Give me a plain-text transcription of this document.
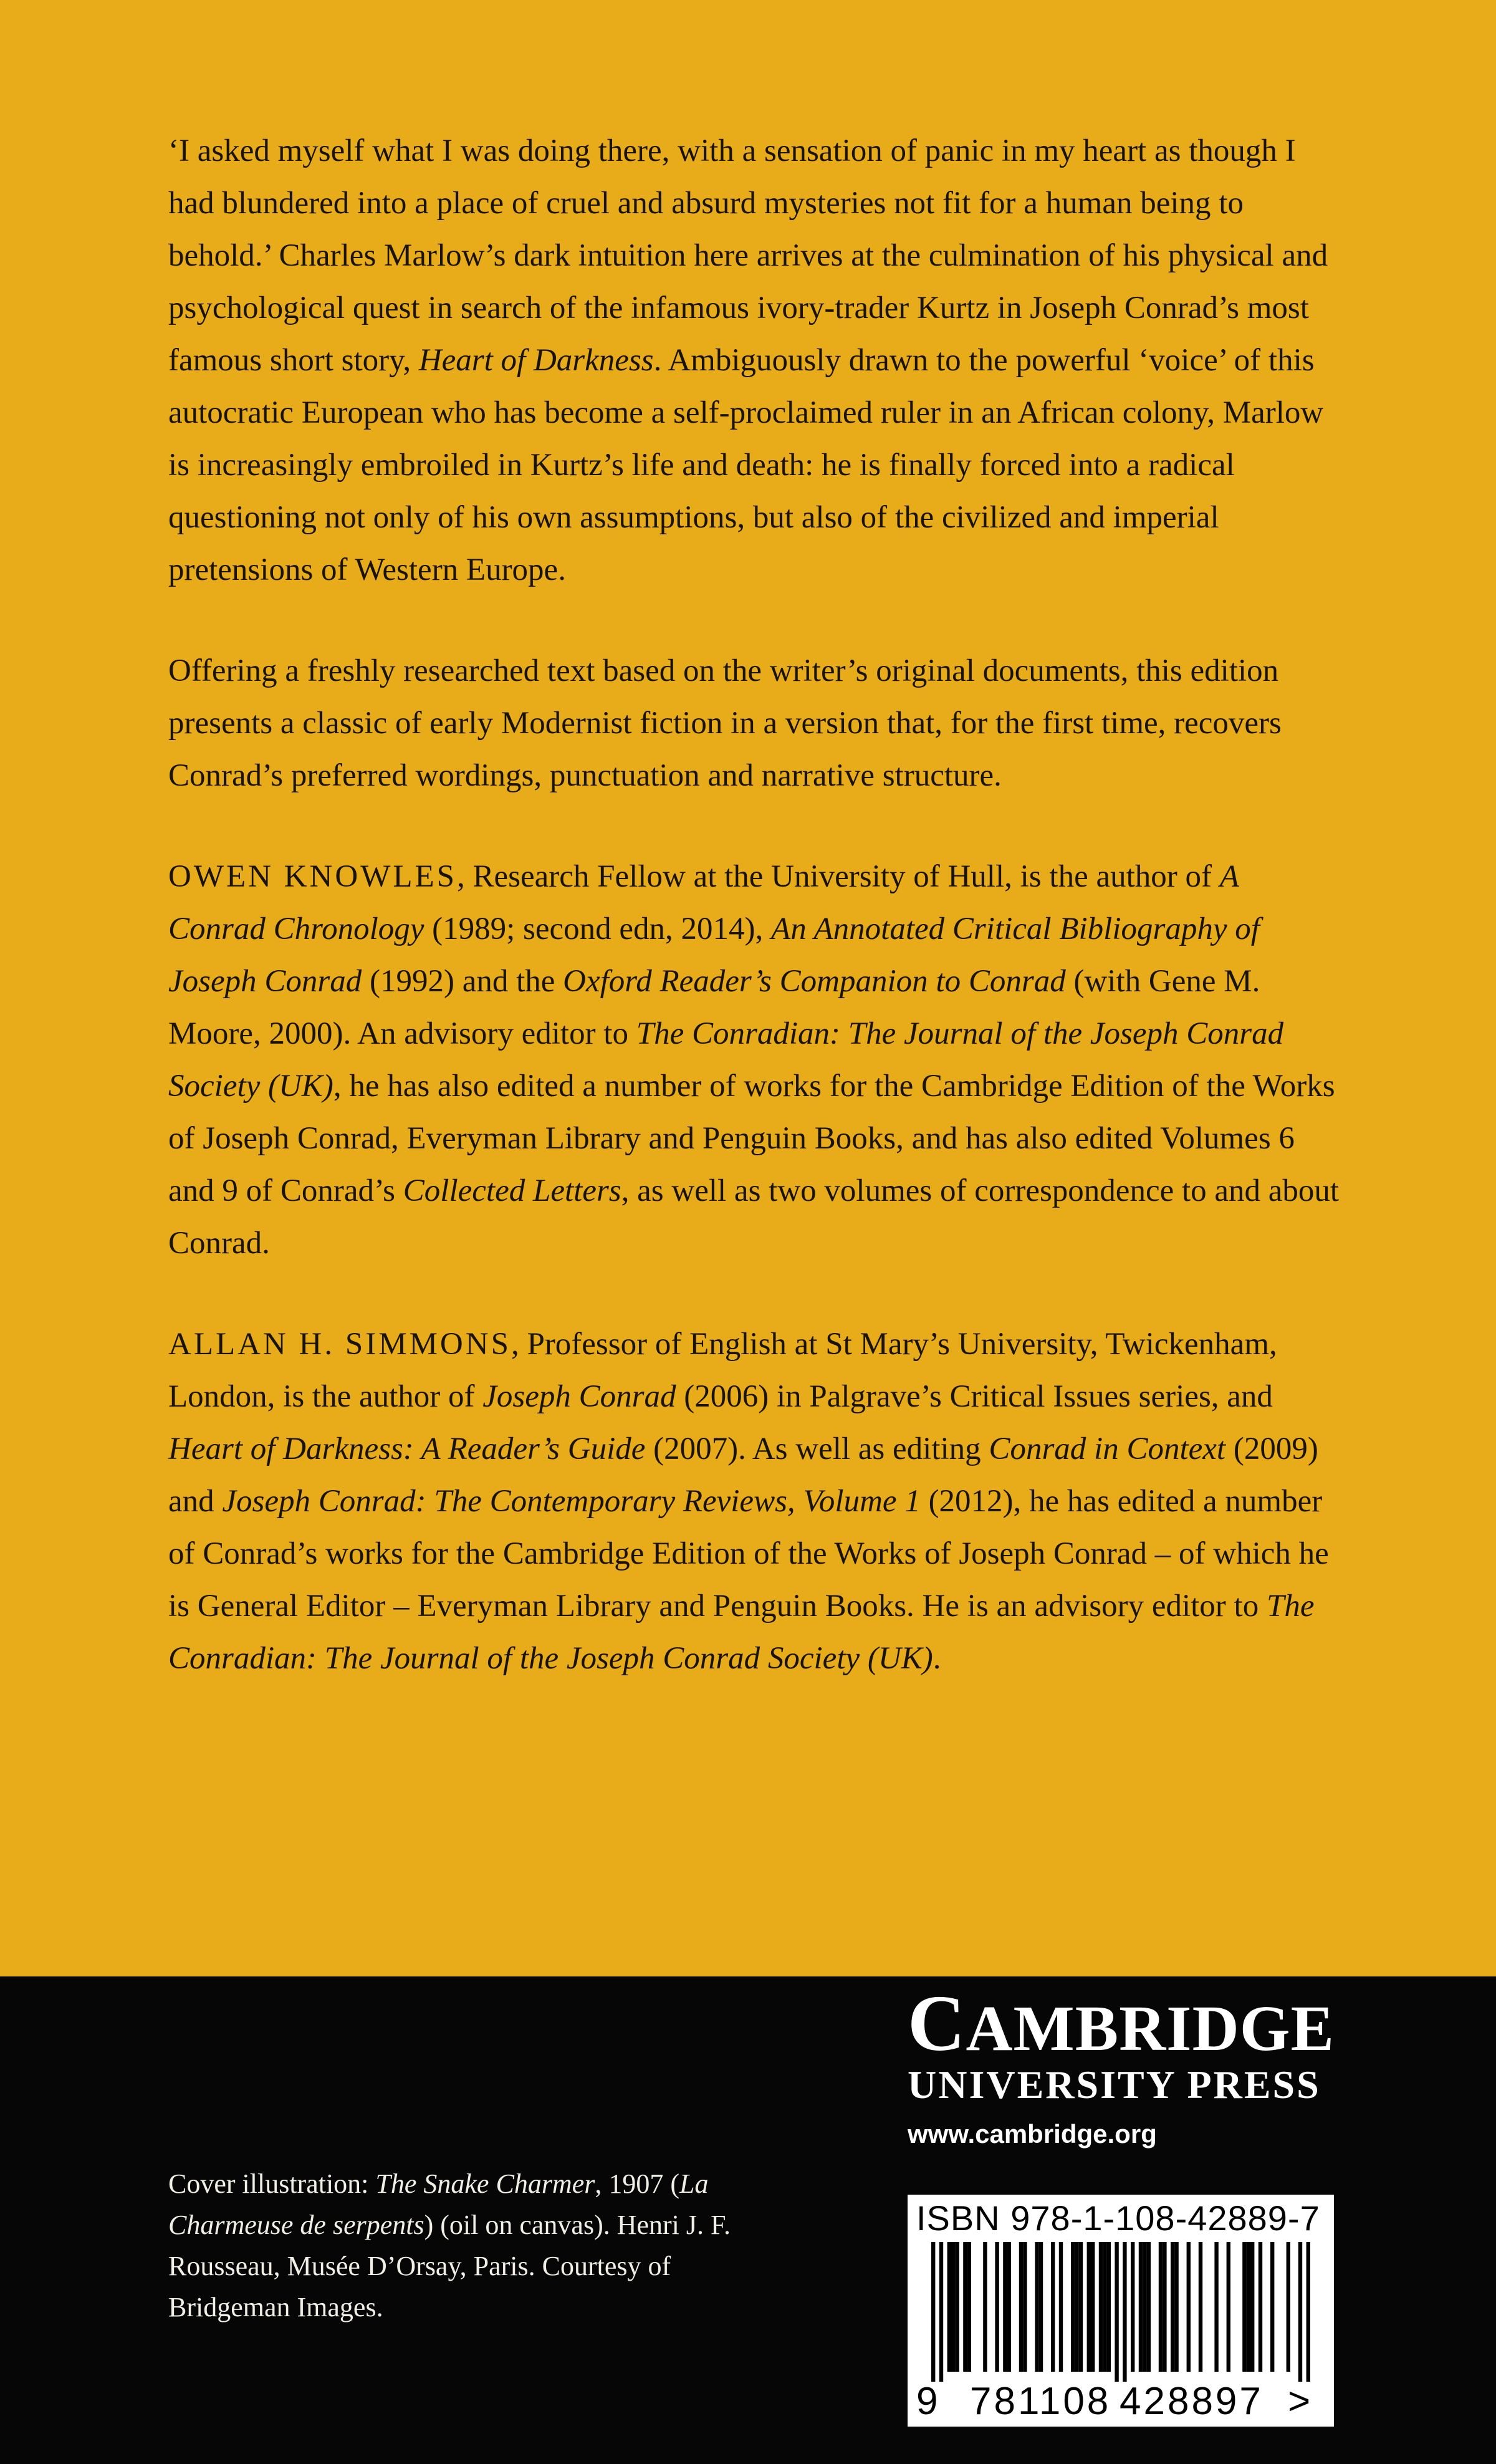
‘I asked myself what I was doing there, with a sensation of panic in my heart as though I had blundered into a place of cruel and absurd mysteries not fit for a human being to behold.’ Charles Marlow’s dark intuition here arrives at the culmination of his physical and psychological quest in search of the infamous ivory-trader Kurtz in Joseph Conrad’s most famous short story, Heart of Darkness. Ambiguously drawn to the powerful ‘voice’ of this autocratic European who has become a self-proclaimed ruler in an African colony, Marlow is increasingly embroiled in Kurtz’s life and death: he is finally forced into a radical questioning not only of his own assumptions, but also of the civilized and imperial pretensions of Western Europe.

Offering a freshly researched text based on the writer’s original documents, this edition presents a classic of early Modernist fiction in a version that, for the first time, recovers Conrad’s preferred wordings, punctuation and narrative structure.

OWEN KNOWLES, Research Fellow at the University of Hull, is the author of A Conrad Chronology (1989; second edn, 2014), An Annotated Critical Bibliography of Joseph Conrad (1992) and the Oxford Reader’s Companion to Conrad (with Gene M. Moore, 2000). An advisory editor to The Conradian: The Journal of the Joseph Conrad Society (UK), he has also edited a number of works for the Cambridge Edition of the Works of Joseph Conrad, Everyman Library and Penguin Books, and has also edited Volumes 6 and 9 of Conrad’s Collected Letters, as well as two volumes of correspondence to and about Conrad.

ALLAN H. SIMMONS, Professor of English at St Mary’s University, Twickenham, London, is the author of Joseph Conrad (2006) in Palgrave’s Critical Issues series, and Heart of Darkness: A Reader’s Guide (2007). As well as editing Conrad in Context (2009) and Joseph Conrad: The Contemporary Reviews, Volume 1 (2012), he has edited a number of Conrad’s works for the Cambridge Edition of the Works of Joseph Conrad – of which he is General Editor – Everyman Library and Penguin Books. He is an advisory editor to The Conradian: The Journal of the Joseph Conrad Society (UK).

Cover illustration: The Snake Charmer, 1907 (La Charmeuse de serpents) (oil on canvas). Henri J. F. Rousseau, Musée D’Orsay, Paris. Courtesy of Bridgeman Images.
CAMBRIDGE
UNIVERSITY PRESS
www.cambridge.org
ISBN 978-1-108-42889-7
9 781108 428897 >
